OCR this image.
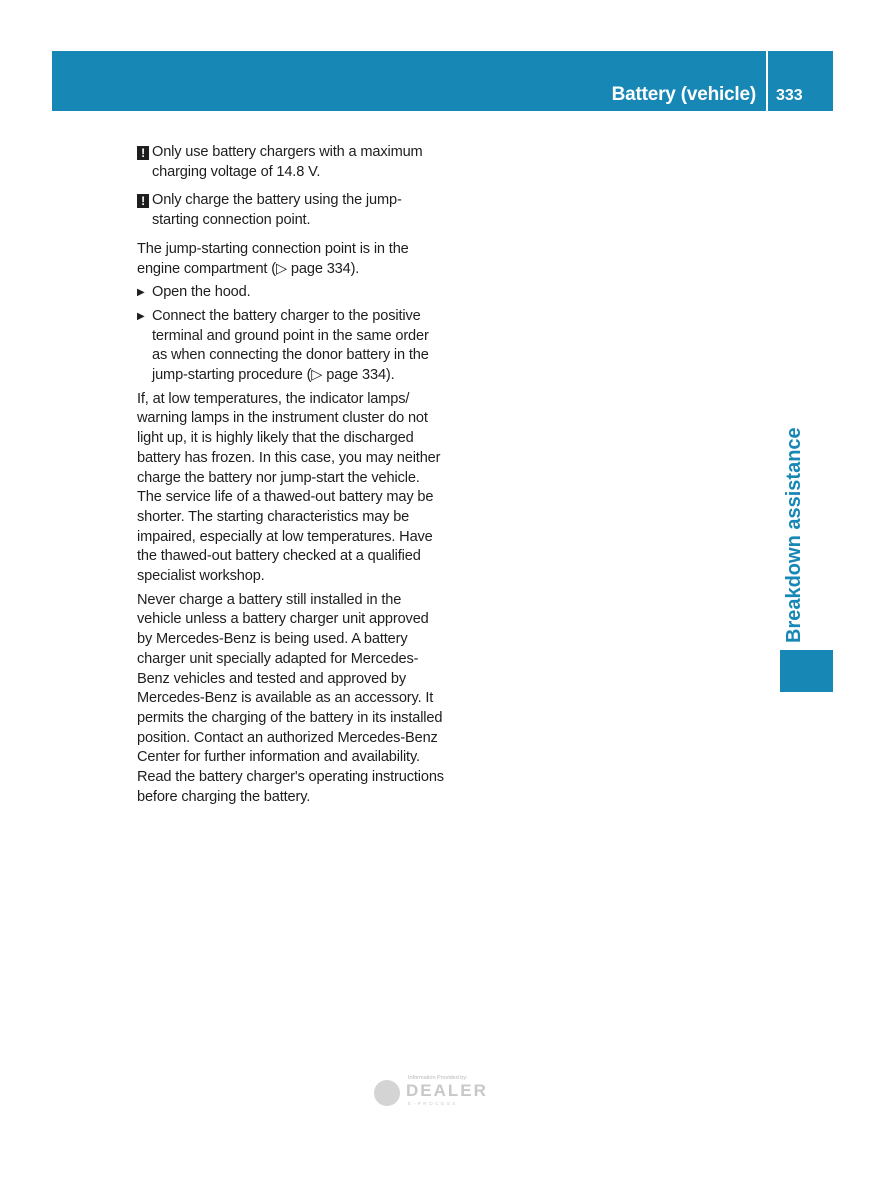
Battery (vehicle) 333
Breakdown assistance

! Only use battery chargers with a maximum charging voltage of 14.8 V.

! Only charge the battery using the jump-starting connection point.

The jump-starting connection point is in the engine compartment (▷ page 334).

▶ Open the hood.

▶ Connect the battery charger to the positive terminal and ground point in the same order as when connecting the donor battery in the jump-starting procedure (▷ page 334).

If, at low temperatures, the indicator lamps/ warning lamps in the instrument cluster do not light up, it is highly likely that the discharged battery has frozen. In this case, you may neither charge the battery nor jump-start the vehicle. The service life of a thawed-out battery may be shorter. The starting characteristics may be impaired, especially at low temperatures. Have the thawed-out battery checked at a qualified specialist workshop.

Never charge a battery still installed in the vehicle unless a battery charger unit approved by Mercedes-Benz is being used. A battery charger unit specially adapted for Mercedes-Benz vehicles and tested and approved by Mercedes-Benz is available as an accessory. It permits the charging of the battery in its installed position. Contact an authorized Mercedes-Benz Center for further information and availability. Read the battery charger's operating instructions before charging the battery.

Information Provided by:
DEALER
E-PROCESS
